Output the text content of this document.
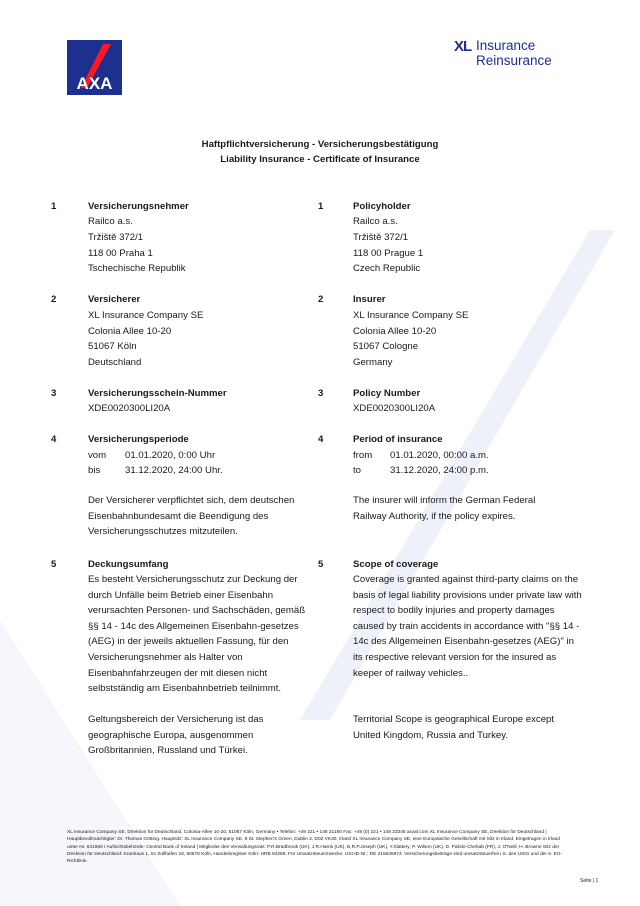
AXA
XL Insurance
Reinsurance
Haftpflichtversicherung - Versicherungsbestätigung
Liability Insurance - Certificate of Insurance
1	Versicherungsnehmer
Railco a.s.
Tržiště 372/1
118 00 Praha 1
Tschechische Republik
1	Policyholder
Railco a.s.
Tržiště 372/1
118 00 Prague 1
Czech Republic
2	Versicherer
XL Insurance Company SE
Colonia Allee 10-20
51067 Köln
Deutschland
2	Insurer
XL Insurance Company SE
Colonia Allee 10-20
51067 Cologne
Germany
3	Versicherungsschein-Nummer
XDE0020300LI20A
3	Policy Number
XDE0020300LI20A
4	Versicherungsperiode
vom 01.01.2020, 0:00 Uhr
bis	31.12.2020, 24:00 Uhr.
Der Versicherer verpflichtet sich, dem deutschen Eisenbahnbundesamt die Beendigung des Versicherungsschutzes mitzuteilen.
4	Period of insurance
from 01.01.2020, 00:00 a.m.
to	31.12.2020, 24:00 p.m.
The insurer will inform the German Federal Railway Authority, if the policy expires.
5	Deckungsumfang
Es besteht Versicherungsschutz zur Deckung der durch Unfälle beim Betrieb einer Eisenbahn verursachten Personen- und Sachschäden, gemäß §§ 14 - 14c des Allgemeinen Eisenbahn-gesetzes (AEG) in der jeweils aktuellen Fassung, für den Versicherungsnehmer als Halter von Eisenbahnfahrzeugen der mit diesen nicht selbstständig am Eisenbahnbetrieb teilnimmt.
Geltungsbereich der Versicherung ist das geographische Europa, ausgenommen Großbritannien, Russland und Türkei.
5	Scope of coverage
Coverage is granted against third-party claims on the basis of legal liability provisions under private law with respect to bodily injuries and property damages caused by train accidents in accordance with "§§ 14 - 14c des Allgemeinen Eisenbahn-gesetzes (AEG)" in its respective relevant version for the insured as keeper of railway vehicles..
Territorial Scope is geographical Europe except United Kingdom, Russia and Turkey.
XL Insurance Company SE, Direktion für Deutschland, Colonia-Allee 10-20, 51067 Köln, Germany • Telefon: +49 221 • 148 21180 Fax: +49 (0) 221 • 148 23345 axaxl.com XL Insurance Company SE, Direktion für Deutschland | Hauptbevollmächtigter: Dr. Thomas Götting. Hauptsitz: XL Insurance Company SE, 8 St. Stephen's Green, Dublin 2, D02 VK30, Irland XL Insurance Company SE, eine Europäische Gesellschaft mit Sitz in Irland. Eingetragen in Irland unter Nr. 641686 I Aufsichtsbehörde: Central Bank of Ireland | Mitglieder des Verwaltungsrats: P.R.Bradbrook (UK), J.R.Harris (UK), B.R.P.Joseph (UK), Y.Slattery, P. Wilson (UK), D. Palicki-Chehab (FR), J. O'Neill, H. Browne Sitz der Direktion für Deutschland: Kranhaus 1, Im Zollhafen 18, 50678 Köln, Handelsregister Köln: HRB 94266. Für Umsatzsteuerzwecke: USt-ID-Nr.: DE 215535974. Versicherungsbeiträge sind umsatzsteuerfrei i.S. des UStG und der 6. EG-Richtlinie.
Seite | 1
